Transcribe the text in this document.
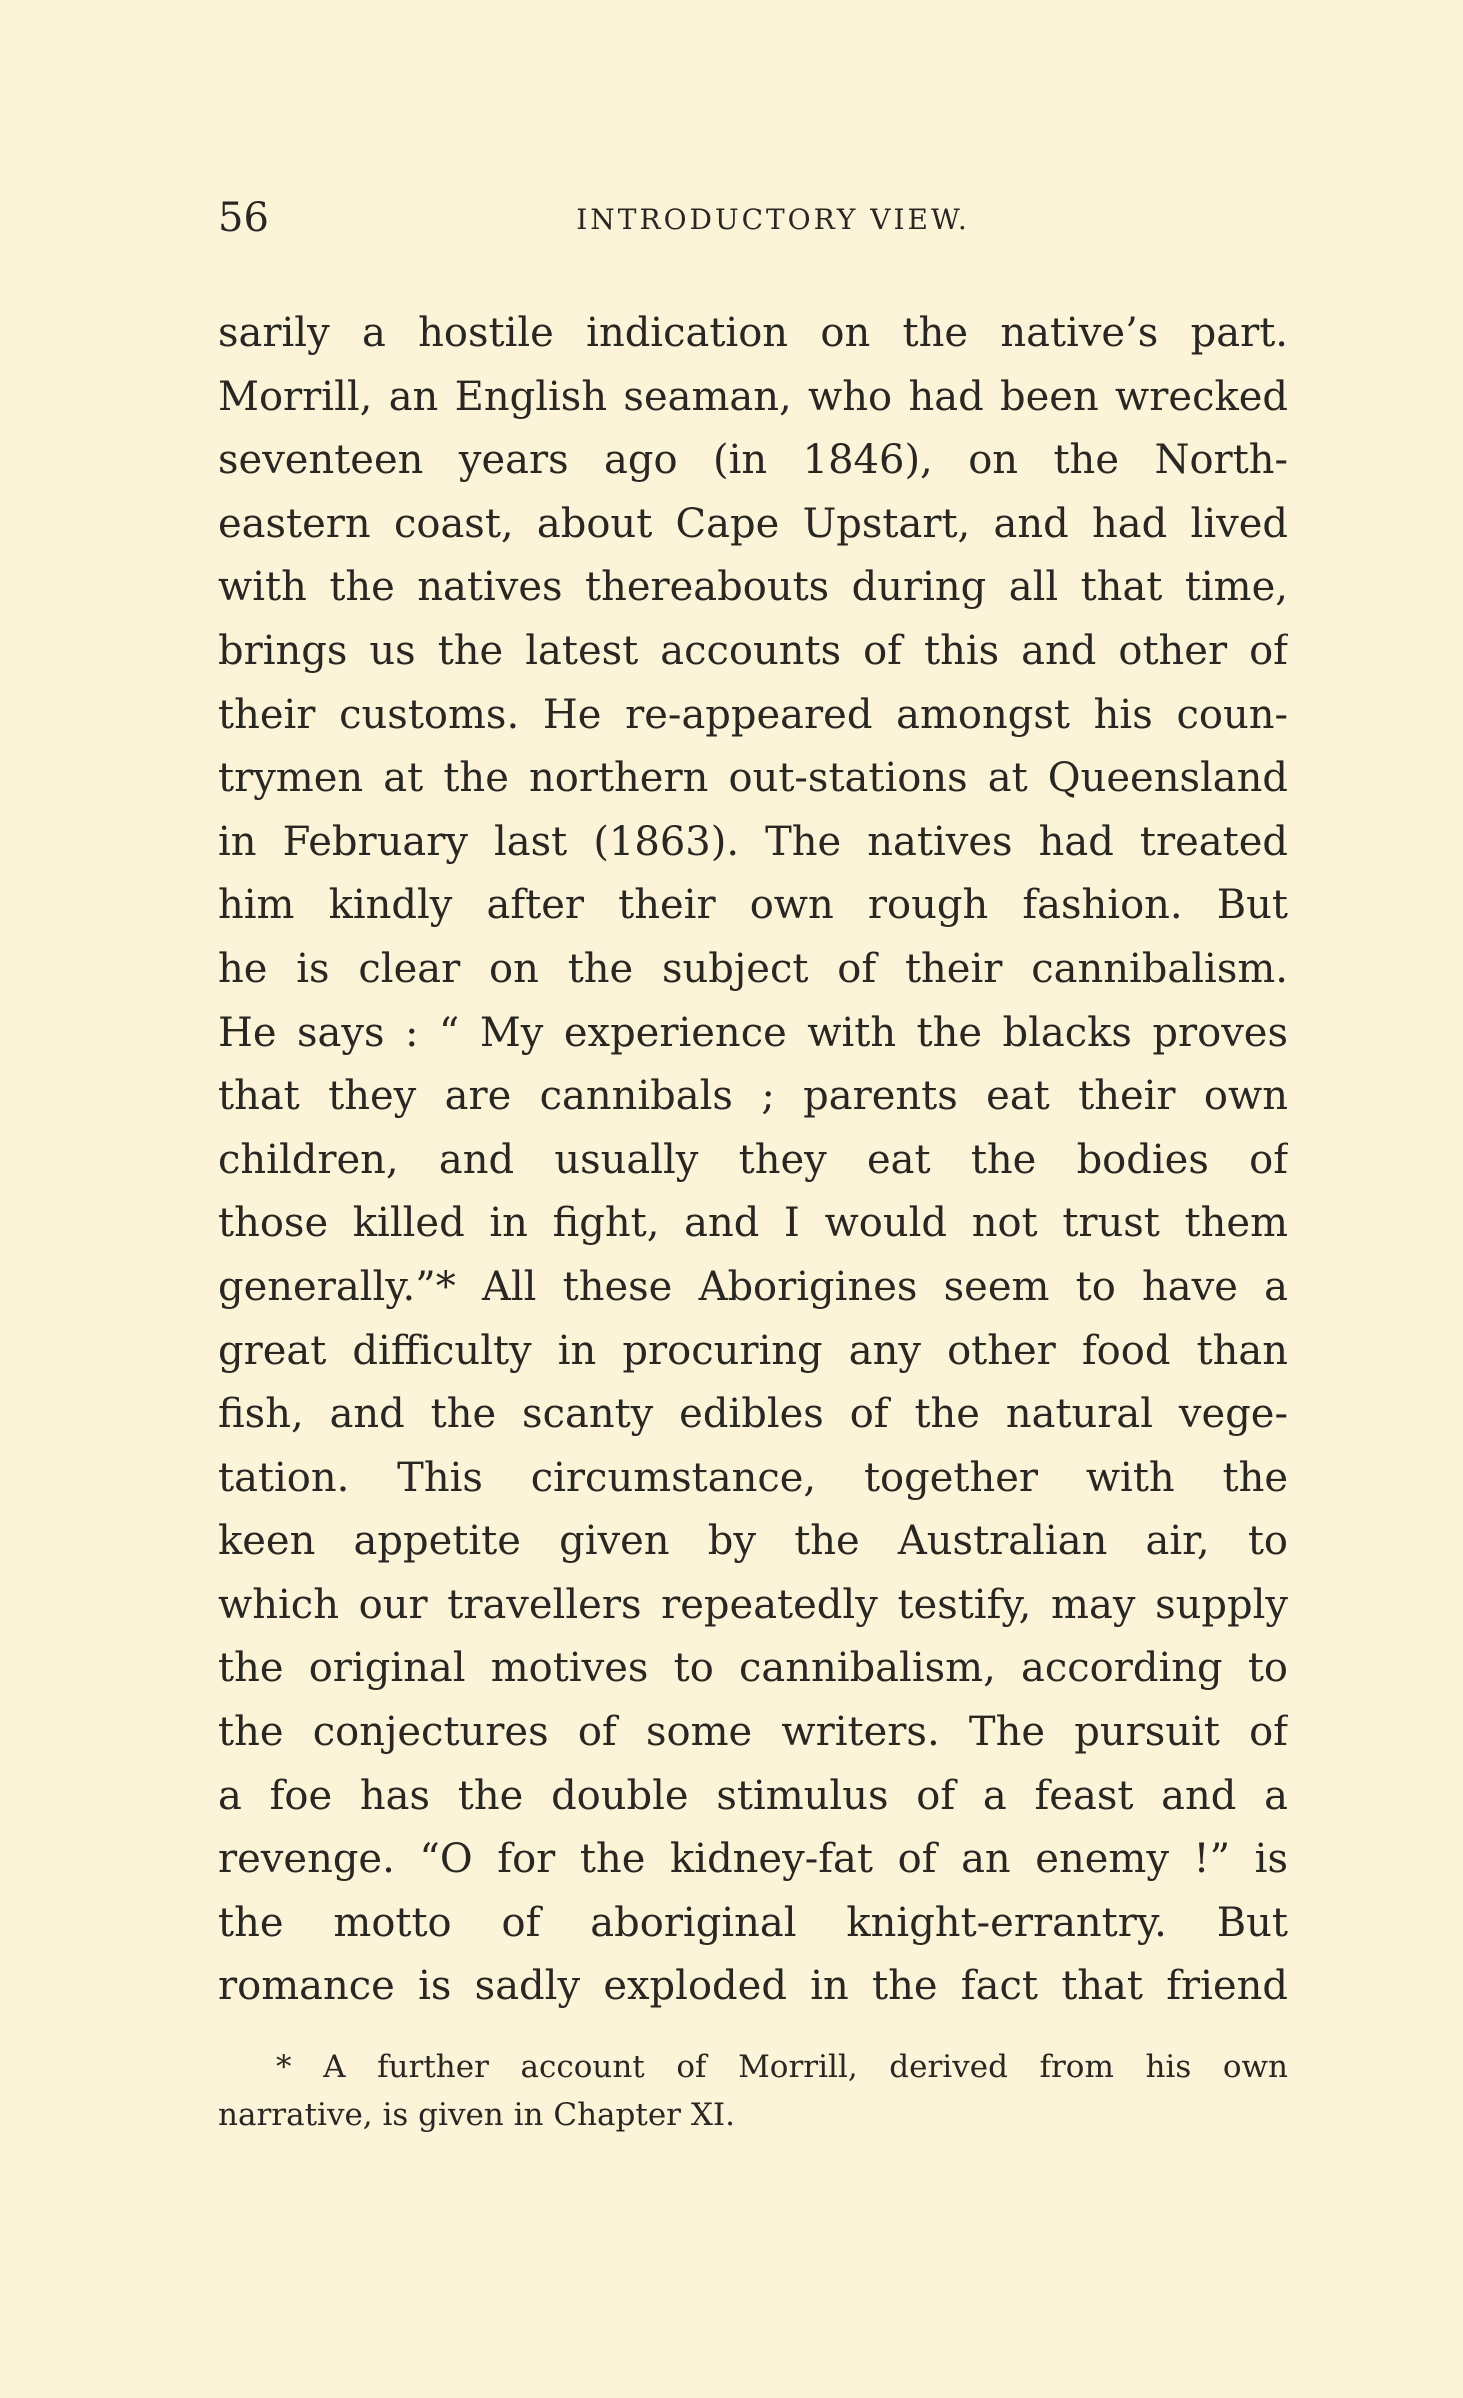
56	INTRODUCTORY VIEW.
sarily a hostile indication on the native’s part.
Morrill, an English seaman, who had been wrecked
seventeen years ago (in 1846), on the North-
eastern coast, about Cape Upstart, and had lived
with the natives thereabouts during all that time,
brings us the latest accounts of this and other of
their customs. He re-appeared amongst his coun-
trymen at the northern out-stations at Queensland
in February last (1863). The natives had treated
him kindly after their own rough fashion. But
he is clear on the subject of their cannibalism.
He says : “ My experience with the blacks proves
that they are cannibals ; parents eat their own
children, and usually they eat the bodies of
those killed in fight, and I would not trust them
generally.”* All these Aborigines seem to have a
great difficulty in procuring any other food than
fish, and the scanty edibles of the natural vege-
tation. This circumstance, together with the
keen appetite given by the Australian air, to
which our travellers repeatedly testify, may supply
the original motives to cannibalism, according to
the conjectures of some writers. The pursuit of
a foe has the double stimulus of a feast and a
revenge. “O for the kidney-fat of an enemy !” is
the motto of aboriginal knight-errantry. But
romance is sadly exploded in the fact that friend
* A further account of Morrill, derived from his own
narrative, is given in Chapter XI.
